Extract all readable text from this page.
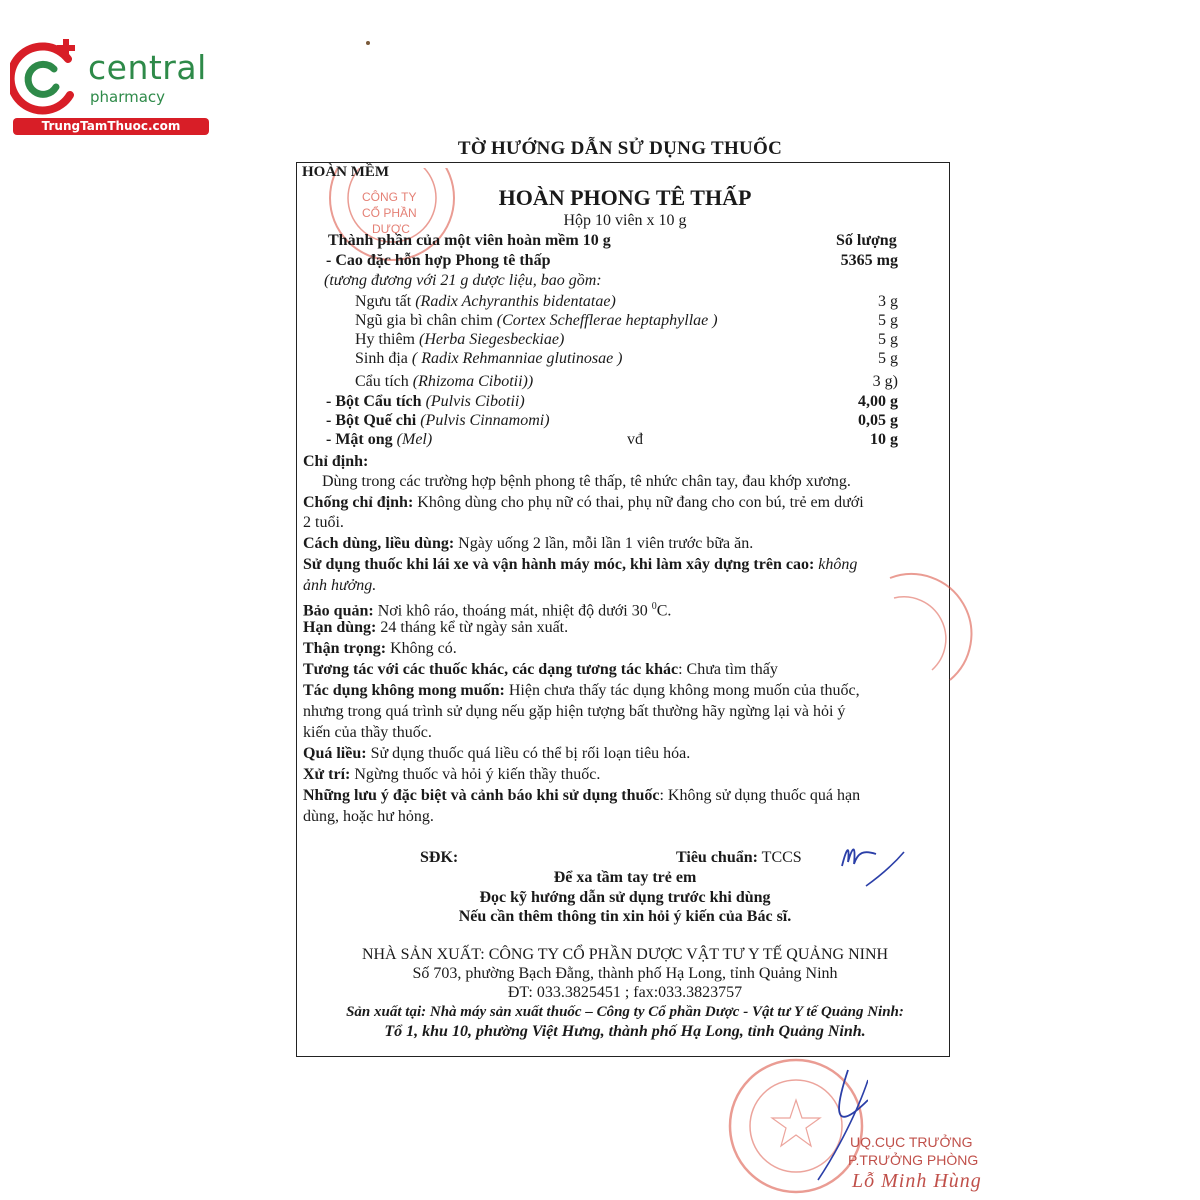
central
pharmacy
TrungTamThuoc.com
TỜ HƯỚNG DẪN SỬ DỤNG THUỐC
CÔNG TY
CỔ PHẦN
DƯỢC
HOÀN MỀM
HOÀN PHONG TÊ THẤP
Hộp 10 viên x 10 g
Thành phần của một viên hoàn mềm 10 g	Số lượng
- Cao đặc hỗn hợp Phong tê thấp	5365 mg
(tương đương với 21 g dược liệu, bao gồm:
Ngưu tất (Radix Achyranthis bidentatae)	3 g
Ngũ gia bì chân chim (Cortex Schefflerae heptaphyllae )	5 g
Hy thiêm (Herba Siegesbeckiae)	5 g
Sinh địa ( Radix Rehmanniae glutinosae )	5 g
Cẩu tích (Rhizoma Cibotii))	3 g)
- Bột Cẩu tích (Pulvis Cibotii)	4,00 g
- Bột Quế chi (Pulvis Cinnamomi)	0,05 g
- Mật ong (Mel)	vđ	10 g
Chỉ định:
Dùng trong các trường hợp bệnh phong tê thấp, tê nhức chân tay, đau khớp xương.
Chống chỉ định: Không dùng cho phụ nữ có thai, phụ nữ đang cho con bú, trẻ em dưới
2 tuổi.
Cách dùng, liều dùng: Ngày uống 2 lần, mỗi lần 1 viên trước bữa ăn.
Sử dụng thuốc khi lái xe và vận hành máy móc, khi làm xây dựng trên cao: không
ảnh hưởng.
Bảo quản: Nơi khô ráo, thoáng mát, nhiệt độ dưới 30 $^0$C.
Hạn dùng: 24 tháng kể từ ngày sản xuất.
Thận trọng: Không có.
Tương tác với các thuốc khác, các dạng tương tác khác: Chưa tìm thấy
Tác dụng không mong muốn: Hiện chưa thấy tác dụng không mong muốn của thuốc,
nhưng trong quá trình sử dụng nếu gặp hiện tượng bất thường hãy ngừng lại và hỏi ý
kiến của thầy thuốc.
Quá liều: Sử dụng thuốc quá liều có thể bị rối loạn tiêu hóa.
Xử trí: Ngừng thuốc và hỏi ý kiến thầy thuốc.
Những lưu ý đặc biệt và cảnh báo khi sử dụng thuốc: Không sử dụng thuốc quá hạn
dùng, hoặc hư hỏng.
SĐK:	Tiêu chuẩn: TCCS
Để xa tầm tay trẻ em
Đọc kỹ hướng dẫn sử dụng trước khi dùng
Nếu cần thêm thông tin xin hỏi ý kiến của Bác sĩ.
NHÀ SẢN XUẤT: CÔNG TY CỔ PHẦN DƯỢC VẬT TƯ Y TẾ QUẢNG NINH
Số 703, phường Bạch Đằng, thành phố Hạ Long, tỉnh Quảng Ninh
ĐT: 033.3825451 ; fax:033.3823757
Sản xuất tại: Nhà máy sản xuất thuốc – Công ty Cổ phần Dược - Vật tư Y tế Quảng Ninh:
Tổ 1, khu 10, phường Việt Hưng, thành phố Hạ Long, tỉnh Quảng Ninh.
UQ.CỤC TRƯỞNG
P.TRƯỞNG PHÒNG
Lỗ Minh Hùng
